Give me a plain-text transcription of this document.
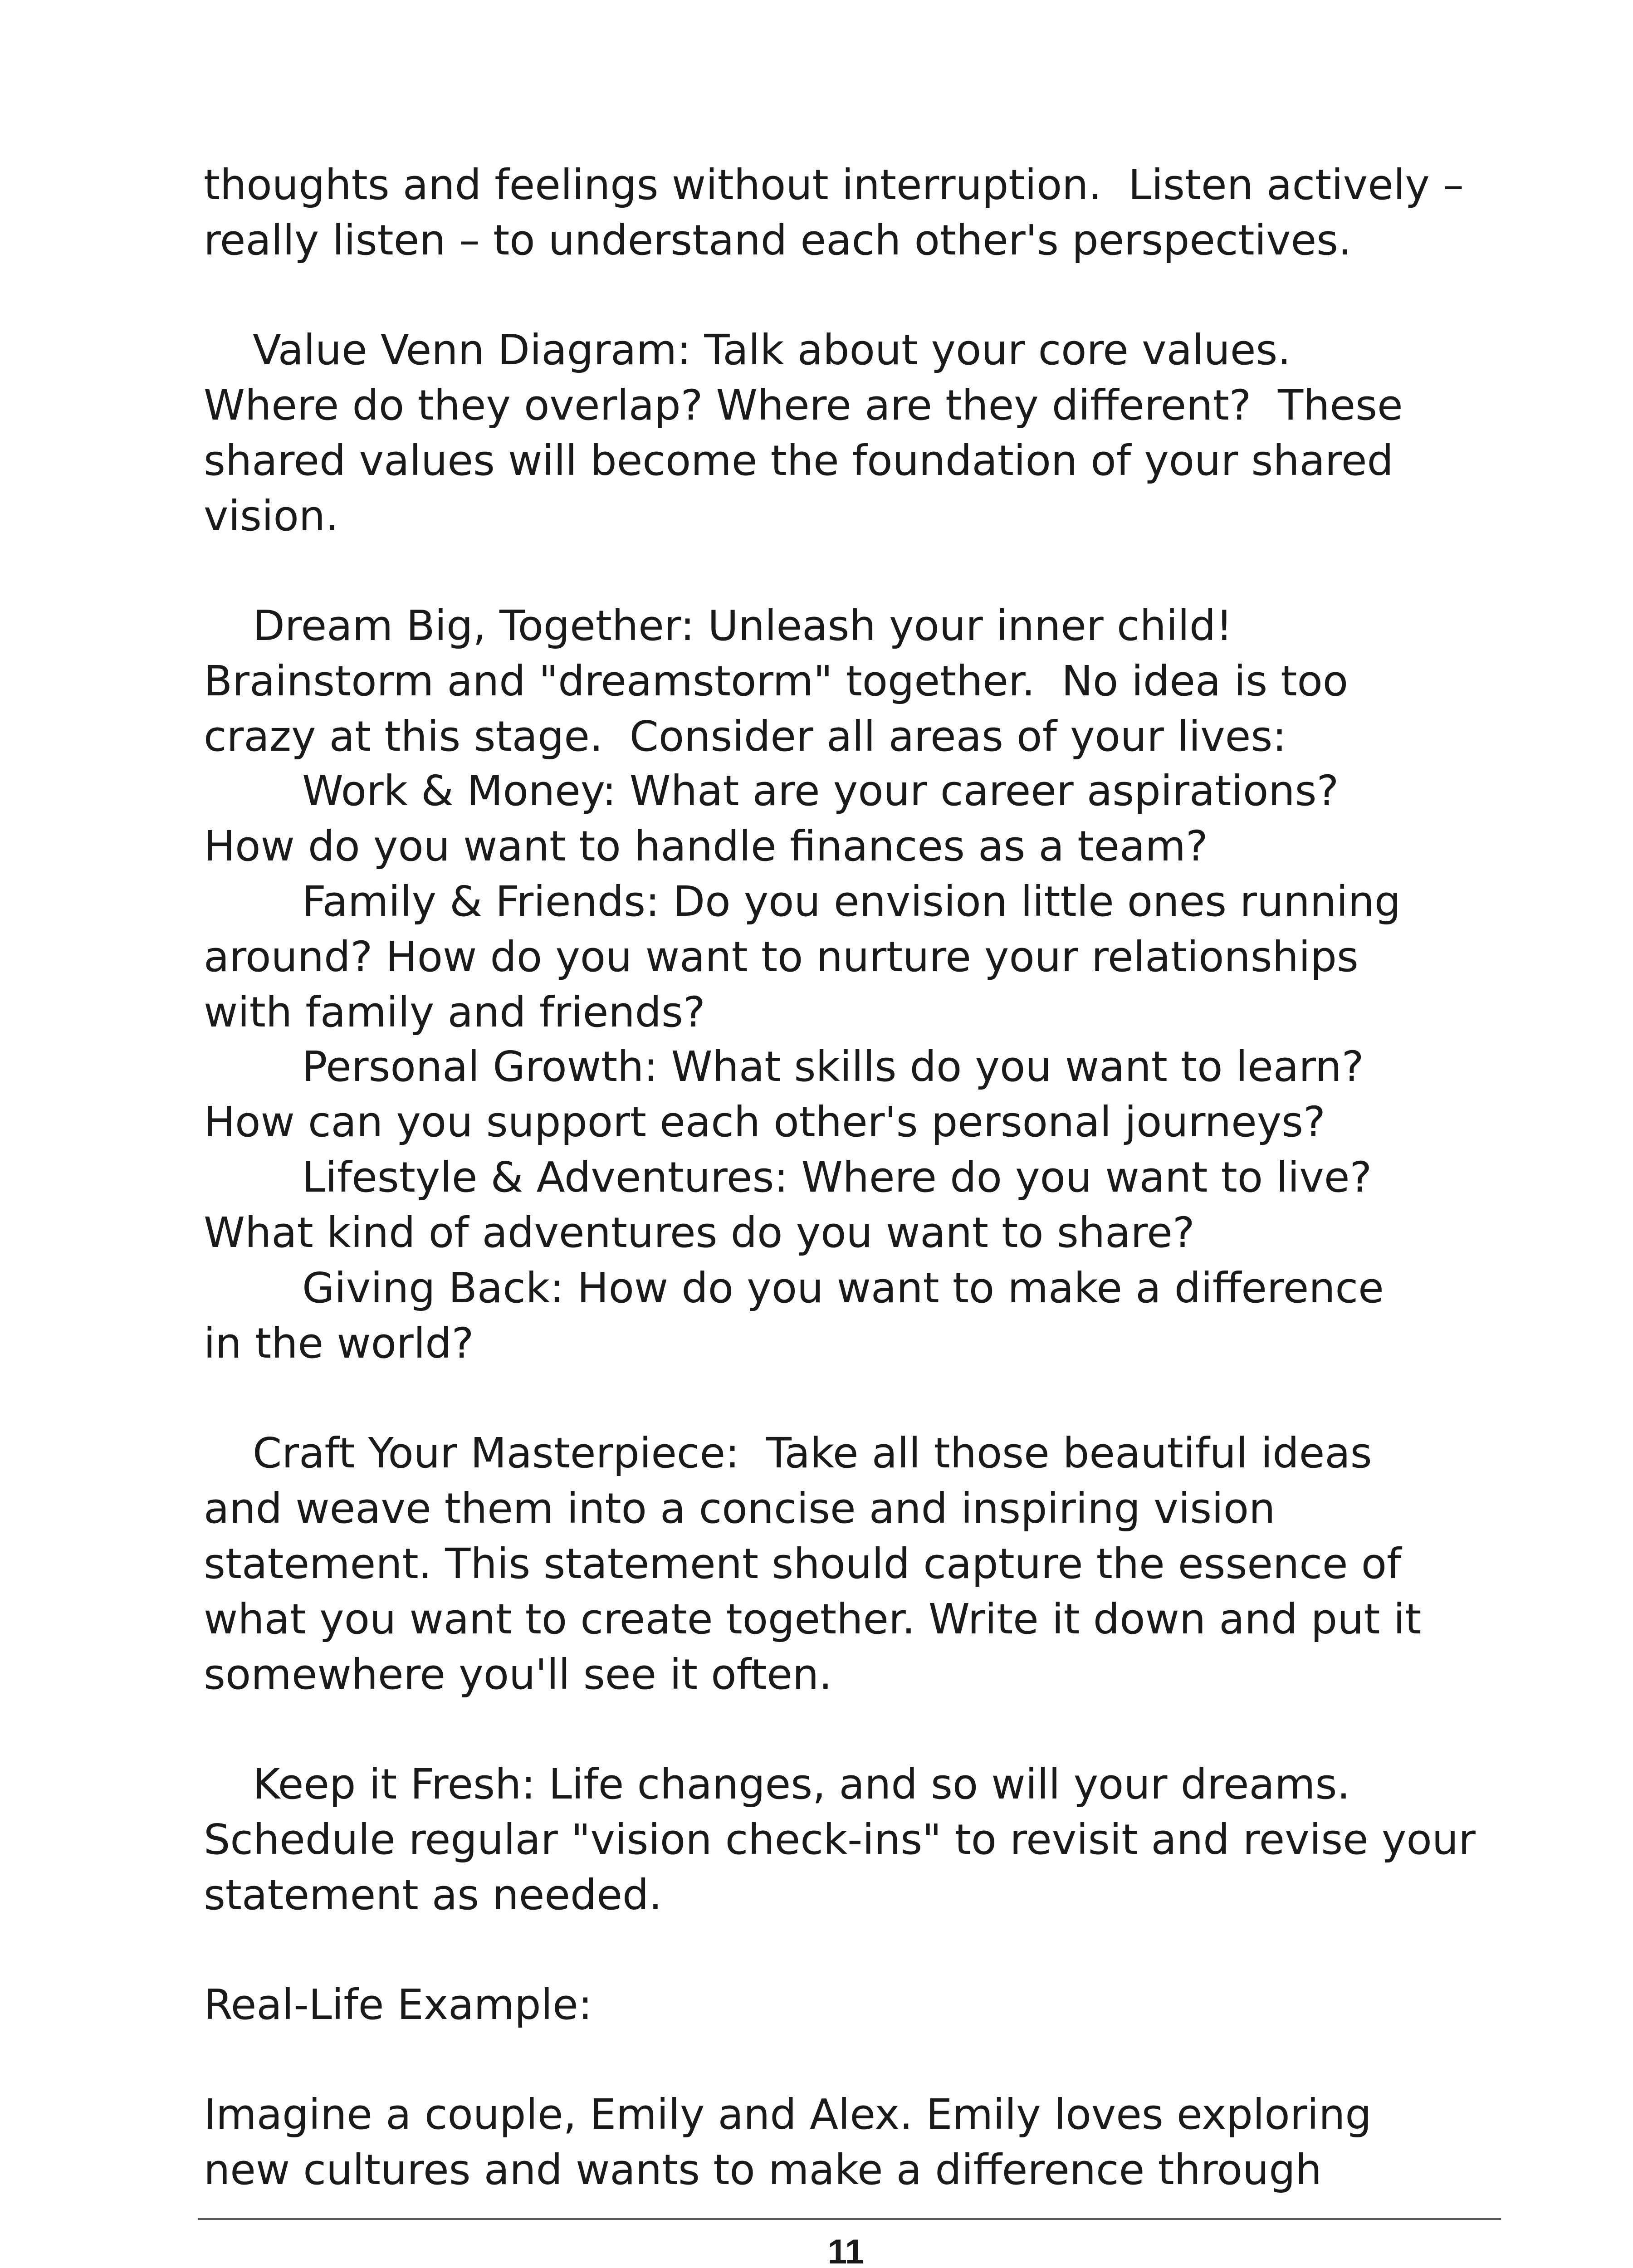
thoughts and feelings without interruption.  Listen actively –
really listen – to understand each other's perspectives.
Value Venn Diagram: Talk about your core values.
Where do they overlap? Where are they different?  These
shared values will become the foundation of your shared
vision.
Dream Big, Together: Unleash your inner child!
Brainstorm and "dreamstorm" together.  No idea is too
crazy at this stage.  Consider all areas of your lives:
Work & Money: What are your career aspirations?
How do you want to handle finances as a team?
Family & Friends: Do you envision little ones running
around? How do you want to nurture your relationships
with family and friends?
Personal Growth: What skills do you want to learn?
How can you support each other's personal journeys?
Lifestyle & Adventures: Where do you want to live?
What kind of adventures do you want to share?
Giving Back: How do you want to make a difference
in the world?
Craft Your Masterpiece:  Take all those beautiful ideas
and weave them into a concise and inspiring vision
statement. This statement should capture the essence of
what you want to create together. Write it down and put it
somewhere you'll see it often.
Keep it Fresh: Life changes, and so will your dreams.
Schedule regular "vision check-ins" to revisit and revise your
statement as needed.
Real-Life Example:
Imagine a couple, Emily and Alex. Emily loves exploring
new cultures and wants to make a difference through
11
